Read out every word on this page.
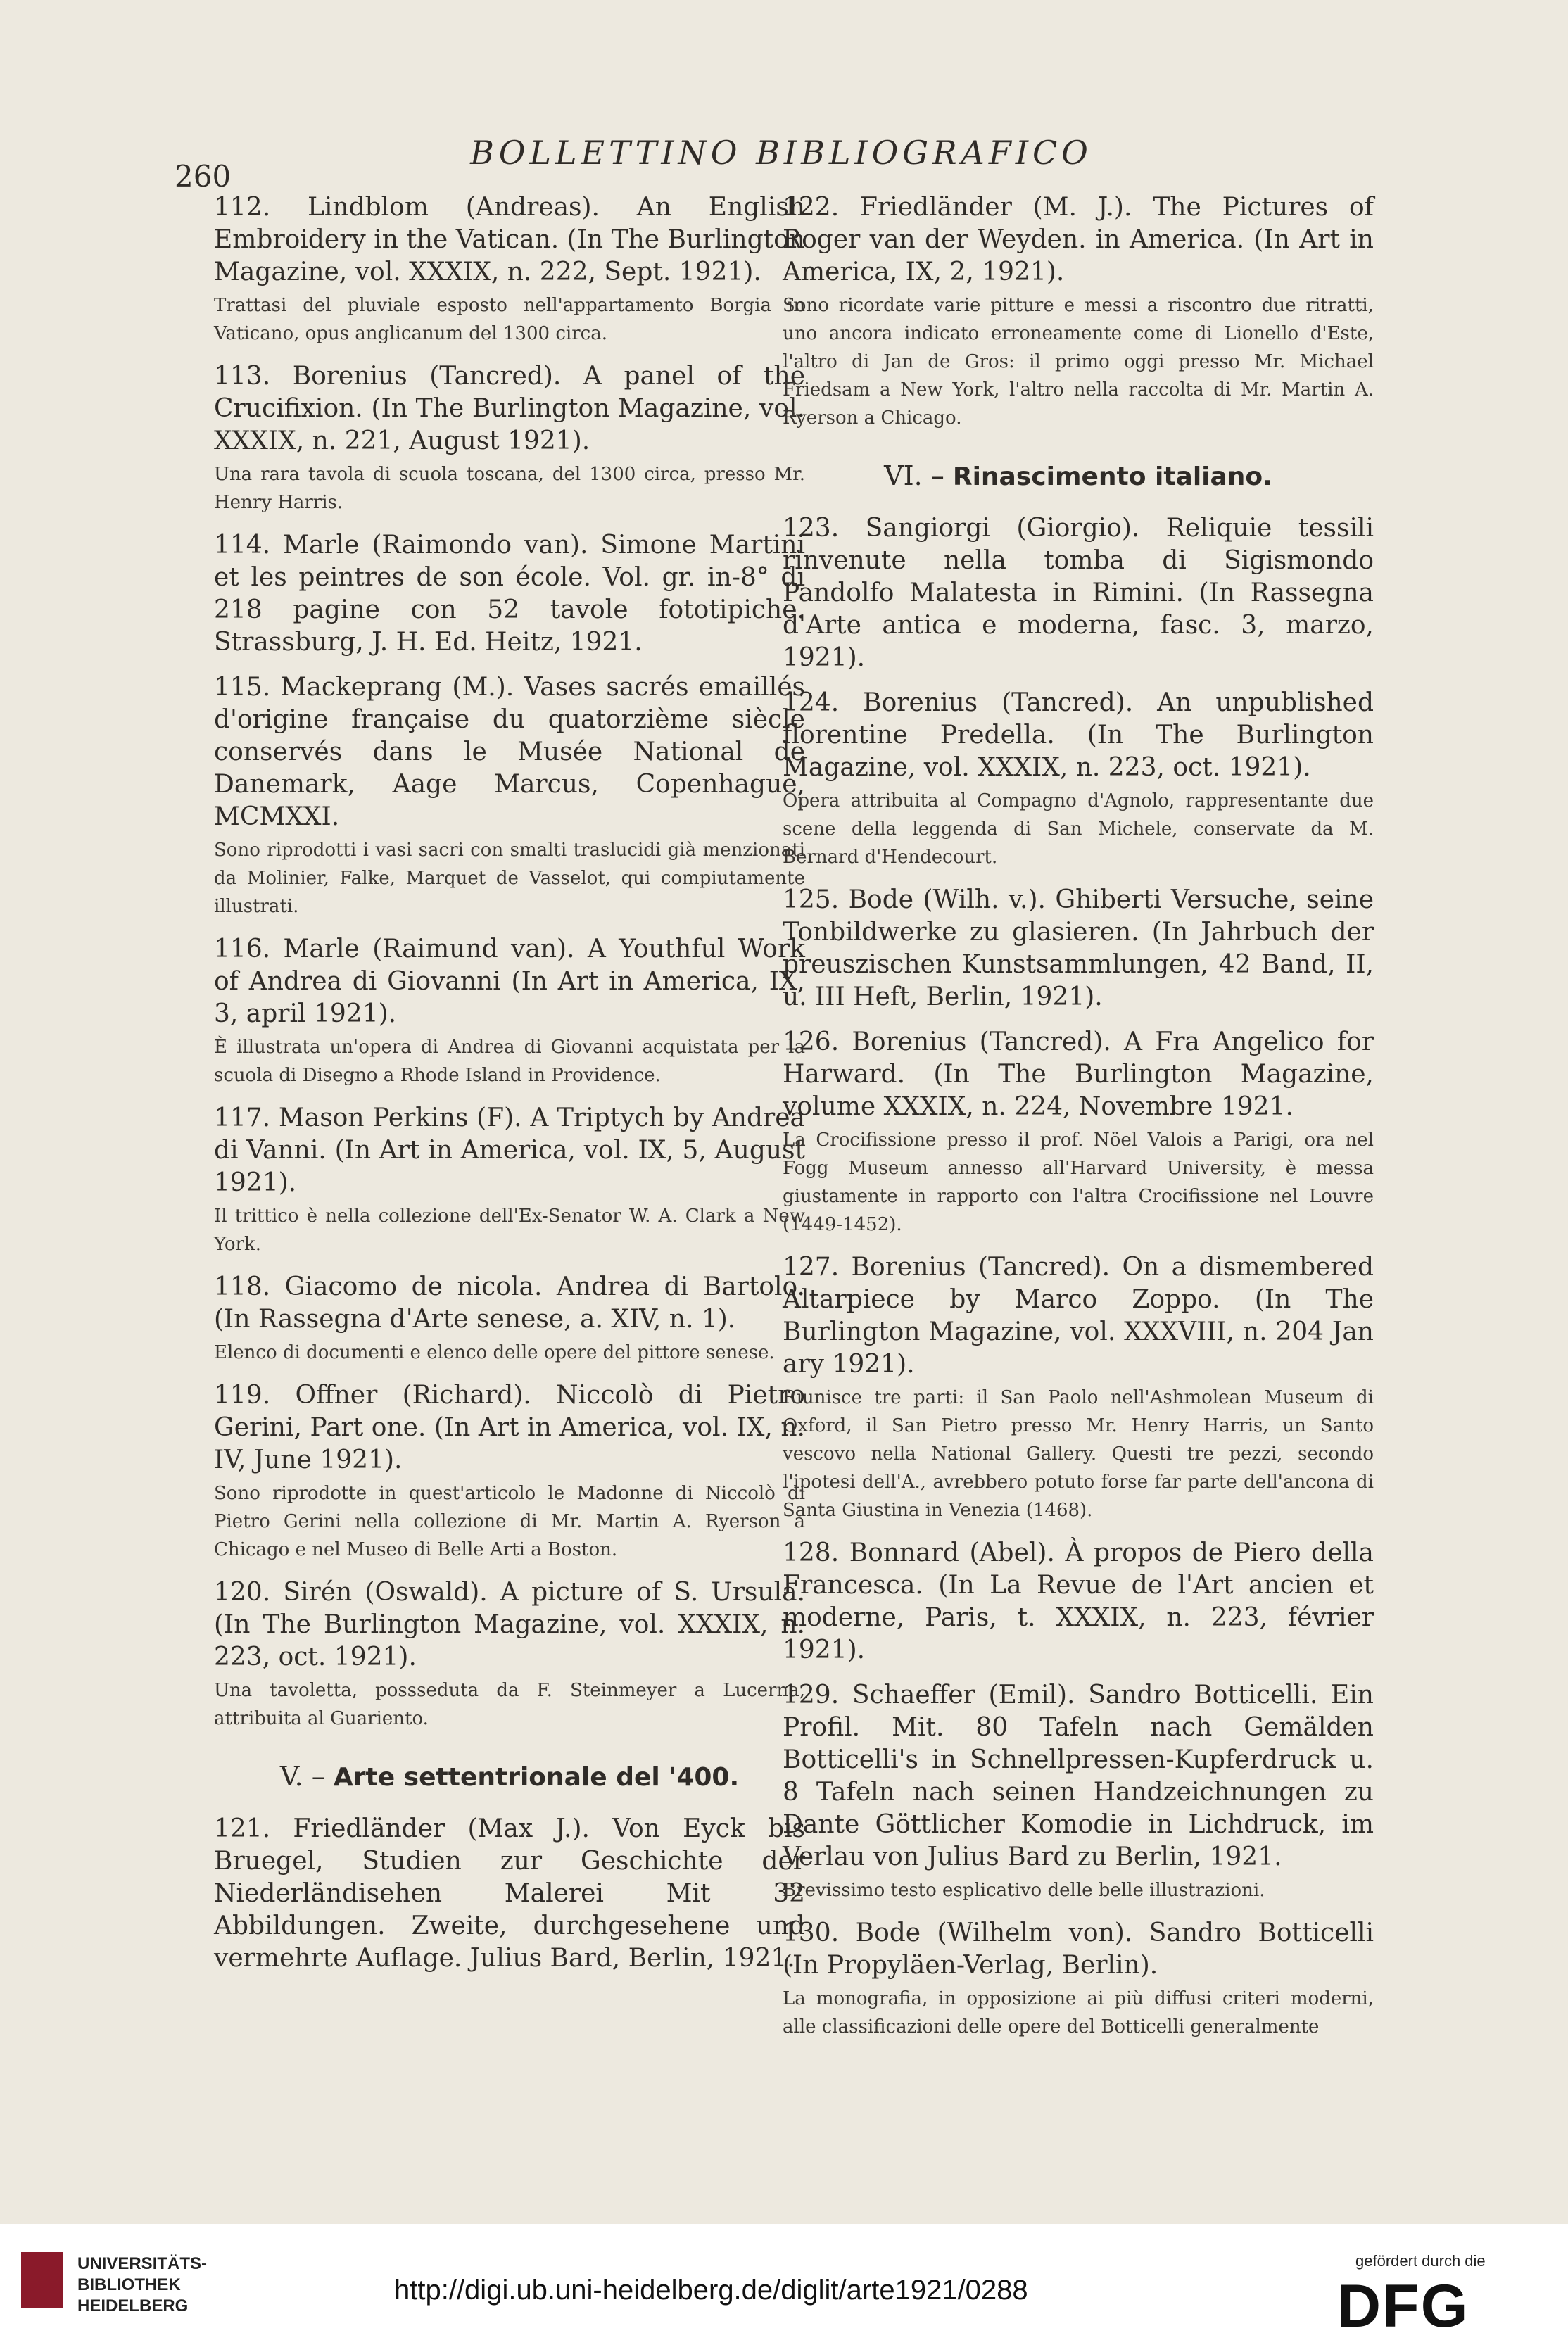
260
BOLLETTINO BIBLIOGRAFICO

112. Lindblom (Andreas). An English Embroidery in the Vatican. (In The Burlington Magazine, vol. XXXIX, n. 222, Sept. 1921).

Trattasi del pluviale esposto nell'appartamento Borgia in Vaticano, opus anglicanum del 1300 circa.

113. Borenius (Tancred). A panel of the Crucifixion. (In The Burlington Magazine, vol. XXXIX, n. 221, August 1921).

Una rara tavola di scuola toscana, del 1300 circa, presso Mr. Henry Harris.

114. Marle (Raimondo van). Simone Martini et les peintres de son école. Vol. gr. in-8° di 218 pagine con 52 tavole fototipiche. Strassburg, J. H. Ed. Heitz, 1921.

115. Mackeprang (M.). Vases sacrés emaillés d'origine française du quatorzième siècle conservés dans le Musée National de Danemark, Aage Marcus, Copenhague, MCMXXI.

Sono riprodotti i vasi sacri con smalti traslucidi già menzionati da Molinier, Falke, Marquet de Vasselot, qui compiutamente illustrati.

116. Marle (Raimund van). A Youthful Work of Andrea di Giovanni (In Art in America, IX, 3, april 1921).

È illustrata un'opera di Andrea di Giovanni acquistata per la scuola di Disegno a Rhode Island in Providence.

117. Mason Perkins (F). A Triptych by Andrea di Vanni. (In Art in America, vol. IX, 5, August 1921).

Il trittico è nella collezione dell'Ex-Senator W. A. Clark a New York.

118. Giacomo de nicola. Andrea di Bartolo. (In Rassegna d'Arte senese, a. XIV, n. 1).

Elenco di documenti e elenco delle opere del pittore senese.

119. Offner (Richard). Niccolò di Pietro Gerini, Part one. (In Art in America, vol. IX, n. IV, June 1921).

Sono riprodotte in quest'articolo le Madonne di Niccolò di Pietro Gerini nella collezione di Mr. Martin A. Ryerson a Chicago e nel Museo di Belle Arti a Boston.

120. Sirén (Oswald). A picture of S. Ursula. (In The Burlington Magazine, vol. XXXIX, n. 223, oct. 1921).

Una tavoletta, possseduta da F. Steinmeyer a Lucerna, attribuita al Guariento.

V. – Arte settentrionale del '400.

121. Friedländer (Max J.). Von Eyck bis Bruegel, Studien zur Geschichte der Niederländisehen Malerei Mit 32 Abbildungen. Zweite, durchgesehene und vermehrte Auflage. Julius Bard, Berlin, 1921.

122. Friedländer (M. J.). The Pictures of Roger van der Weyden. in America. (In Art in America, IX, 2, 1921).

Sono ricordate varie pitture e messi a riscontro due ritratti, uno ancora indicato erroneamente come di Lionello d'Este, l'altro di Jan de Gros: il primo oggi presso Mr. Michael Friedsam a New York, l'altro nella raccolta di Mr. Martin A. Ryerson a Chicago.

VI. – Rinascimento italiano.

123. Sangiorgi (Giorgio). Reliquie tessili rinvenute nella tomba di Sigismondo Pandolfo Malatesta in Rimini. (In Rassegna d'Arte antica e moderna, fasc. 3, marzo, 1921).

124. Borenius (Tancred). An unpublished florentine Predella. (In The Burlington Magazine, vol. XXXIX, n. 223, oct. 1921).

Opera attribuita al Compagno d'Agnolo, rappresentante due scene della leggenda di San Michele, conservate da M. Bernard d'Hendecourt.

125. Bode (Wilh. v.). Ghiberti Versuche, seine Tonbildwerke zu glasieren. (In Jahrbuch der preuszischen Kunstsammlungen, 42 Band, II, u. III Heft, Berlin, 1921).

126. Borenius (Tancred). A Fra Angelico for Harward. (In The Burlington Magazine, volume XXXIX, n. 224, Novembre 1921.

La Crocifissione presso il prof. Nöel Valois a Parigi, ora nel Fogg Museum annesso all'Harvard University, è messa giustamente in rapporto con l'altra Crocifissione nel Louvre (1449-1452).

127. Borenius (Tancred). On a dismembered Altarpiece by Marco Zoppo. (In The Burlington Magazine, vol. XXXVIII, n. 204 Jan ary 1921).

Riunisce tre parti: il San Paolo nell'Ashmolean Museum di Oxford, il San Pietro presso Mr. Henry Harris, un Santo vescovo nella National Gallery. Questi tre pezzi, secondo l'ipotesi dell'A., avrebbero potuto forse far parte dell'ancona di Santa Giustina in Venezia (1468).

128. Bonnard (Abel). À propos de Piero della Francesca. (In La Revue de l'Art ancien et moderne, Paris, t. XXXIX, n. 223, février 1921).

129. Schaeffer (Emil). Sandro Botticelli. Ein Profil. Mit. 80 Tafeln nach Gemälden Botticelli's in Schnellpressen-Kupferdruck u. 8 Tafeln nach seinen Handzeichnungen zu Dante Göttlicher Komodie in Lichdruck, im Verlau von Julius Bard zu Berlin, 1921.

Brevissimo testo esplicativo delle belle illustrazioni.

130. Bode (Wilhelm von). Sandro Botticelli (In Propyläen-Verlag, Berlin).

La monografia, in opposizione ai più diffusi criteri moderni, alle classificazioni delle opere del Botticelli generalmente

UNIVERSITÄTS-
BIBLIOTHEK
HEIDELBERG
http://digi.ub.uni-heidelberg.de/diglit/arte1921/0288
gefördert durch die
DFG
